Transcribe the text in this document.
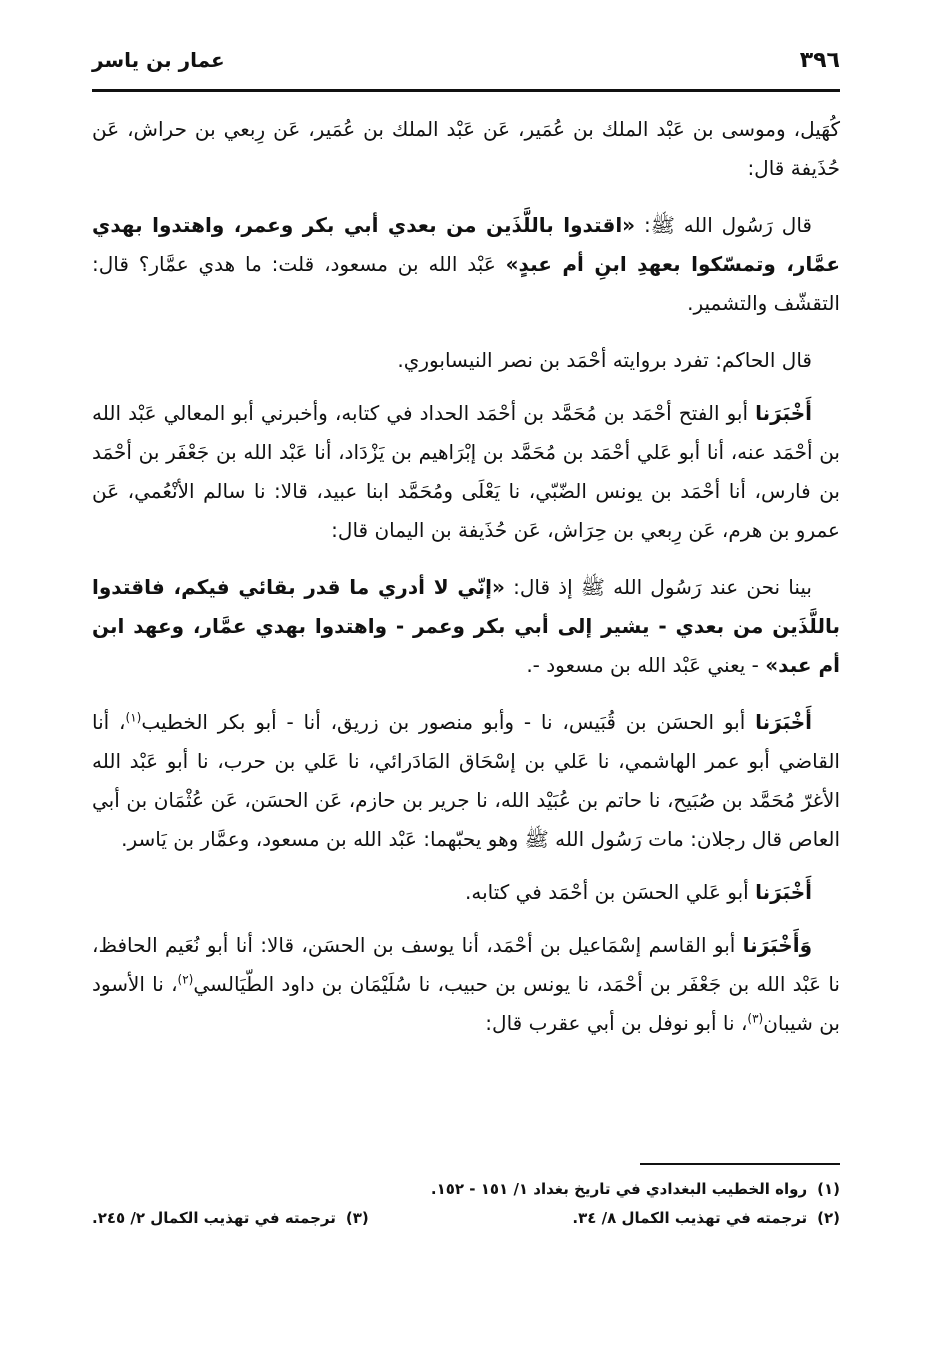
٣٩٦
عمار بن ياسر

كُهَيل، وموسى بن عَبْد الملك بن عُمَير، عَن عَبْد الملك بن عُمَير، عَن رِبعي بن حراش، عَن حُذَيفة قال:

قال رَسُول الله ﷺ: «اقتدوا باللَّذَين من بعدي أبي بكر وعمر، واهتدوا بهدي عمَّار، وتمسّكوا بعهدِ ابنِ أم عبدٍ» عَبْد الله بن مسعود، قلت: ما هدي عمَّار؟ قال: التقشّف والتشمير.

قال الحاكم: تفرد بروايته أحْمَد بن نصر النيسابوري.

أَخْبَرَنا أبو الفتح أحْمَد بن مُحَمَّد بن أحْمَد الحداد في كتابه، وأخبرني أبو المعالي عَبْد الله بن أحْمَد عنه، أنا أبو عَلي أحْمَد بن مُحَمَّد بن إبْرَاهيم بن يَزْدَاد، أنا عَبْد الله بن جَعْفَر بن أحْمَد بن فارس، أنا أحْمَد بن يونس الضّبّي، نا يَعْلَى ومُحَمَّد ابنا عبيد، قالا: نا سالم الأنْعُمي، عَن عمرو بن هرم، عَن رِبعي بن حِرَاش، عَن حُذَيفة بن اليمان قال:

بينا نحن عند رَسُول الله ﷺ إذ قال: «إنّي لا أدري ما قدر بقائي فيكم، فاقتدوا باللَّذَين من بعدي - يشير إلى أبي بكر وعمر - واهتدوا بهدي عمَّار، وعهد ابن أم عبد» - يعني عَبْد الله بن مسعود -.

أَخْبَرَنا أبو الحسَن بن قُبَيس، نا - وأبو منصور بن زريق، أنا - أبو بكر الخطيب$^{(١)}$، أنا القاضي أبو عمر الهاشمي، نا عَلي بن إسْحَاق المَادَرائي، نا عَلي بن حرب، نا أبو عَبْد الله الأغرّ مُحَمَّد بن صُبَيح، نا حاتم بن عُبَيْد الله، نا جرير بن حازم، عَن الحسَن، عَن عُثْمَان بن أبي العاص قال رجلان: مات رَسُول الله ﷺ وهو يحبّهما: عَبْد الله بن مسعود، وعمَّار بن يَاسر.

أَخْبَرَنا أبو عَلي الحسَن بن أحْمَد في كتابه.

وَأَخْبَرَنا أبو القاسم إسْمَاعيل بن أحْمَد، أنا يوسف بن الحسَن، قالا: أنا أبو نُعَيم الحافظ، نا عَبْد الله بن جَعْفَر بن أحْمَد، نا يونس بن حبيب، نا سُلَيْمَان بن داود الطّيَالسي$^{(٢)}$، نا الأسود بن شيبان$^{(٣)}$، نا أبو نوفل بن أبي عقرب قال:

(١)رواه الخطيب البغدادي في تاريخ بغداد ١/ ١٥١ - ١٥٢.
(٢)ترجمته في تهذيب الكمال ٨/ ٣٤.
(٣)ترجمته في تهذيب الكمال ٢/ ٢٤٥.
